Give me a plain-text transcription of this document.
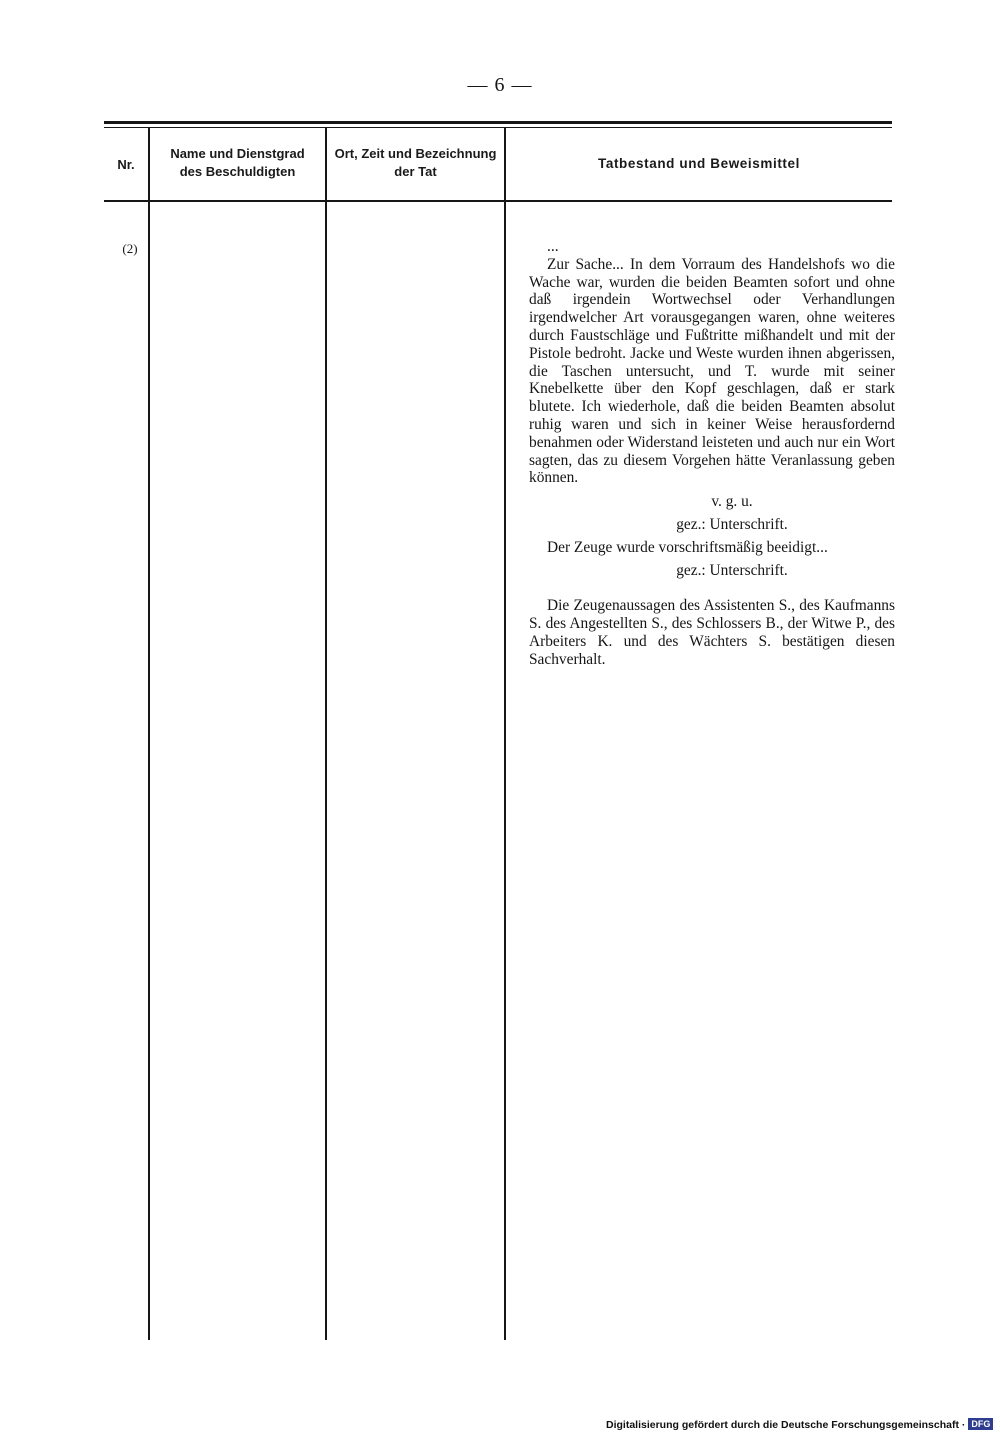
— 6 —
Nr.
Name und Dienstgrad
des Beschuldigten
Ort, Zeit und Bezeichnung
der Tat
Tatbestand und Beweismittel
(2)	...

Zur Sache... In dem Vorraum des Handelshofs wo die Wache war, wurden die beiden Beamten sofort und ohne daß irgendein Wortwechsel oder Verhandlungen irgendwelcher Art vorausgegangen waren, ohne weiteres durch Faustschläge und Fußtritte mißhandelt und mit der Pistole bedroht. Jacke und Weste wurden ihnen abgerissen, die Taschen untersucht, und T. wurde mit seiner Knebelkette über den Kopf geschlagen, daß er stark blutete. Ich wiederhole, daß die beiden Beamten absolut ruhig waren und sich in keiner Weise herausfordernd benahmen oder Widerstand leisteten und auch nur ein Wort sagten, das zu diesem Vorgehen hätte Veranlassung geben können.

v. g. u.

gez.: Unterschrift.

Der Zeuge wurde vorschriftsmäßig beeidigt...

gez.: Unterschrift.

Die Zeugenaussagen des Assistenten S., des Kaufmanns S. des Angestellten S., des Schlossers B., der Witwe P., des Arbeiters K. und des Wächters S. bestätigen diesen Sachverhalt.

Digitalisierung gefördert durch die Deutsche Forschungsgemeinschaft · DFG
